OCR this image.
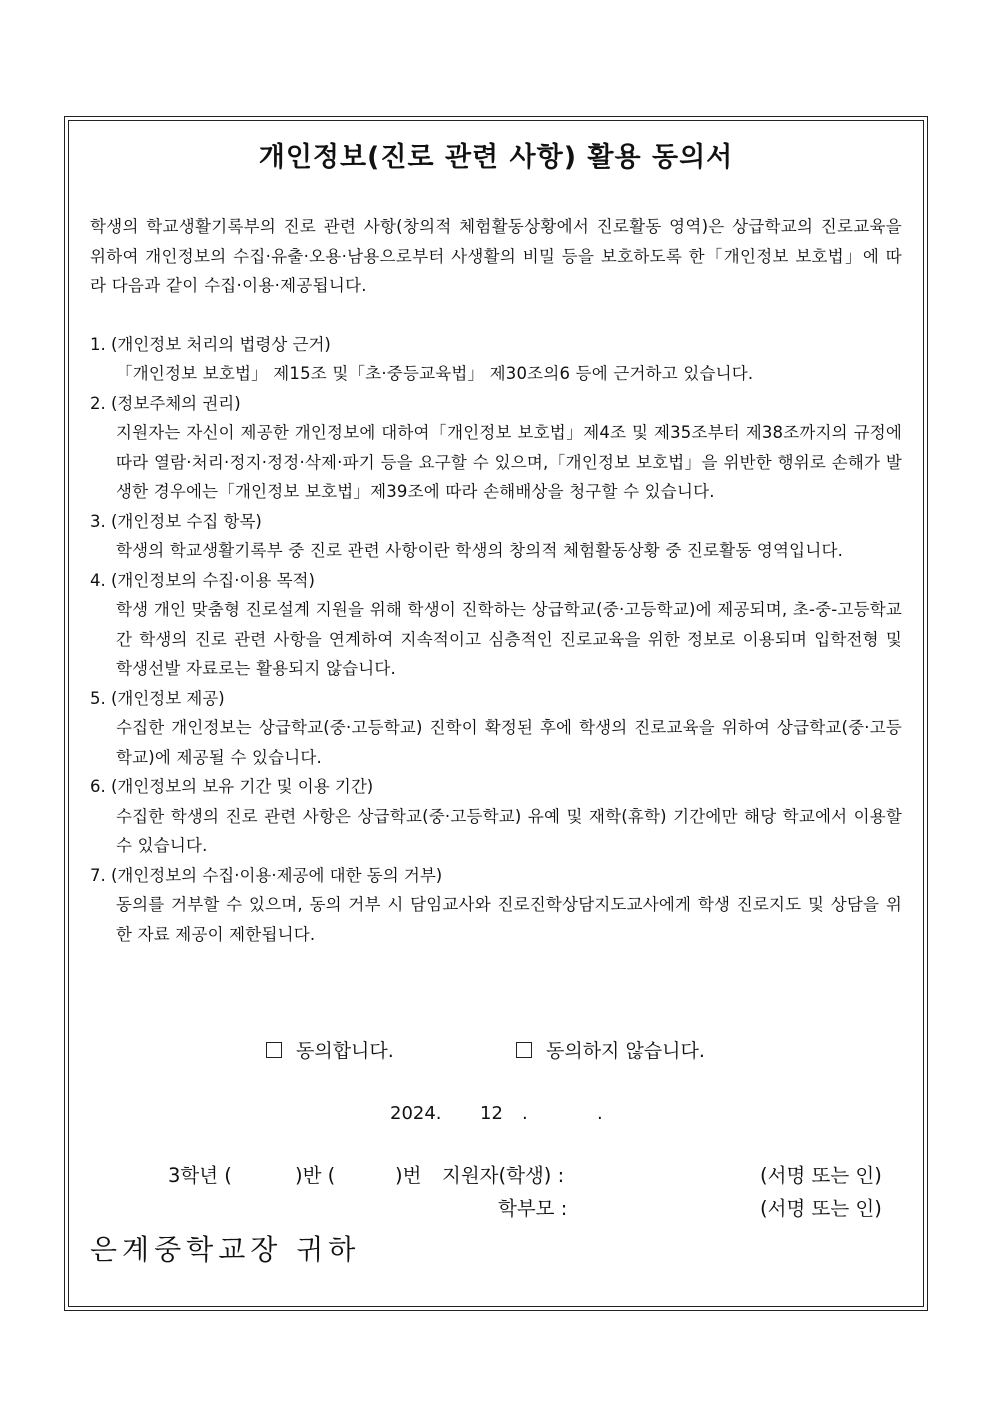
개인정보(진로 관련 사항) 활용 동의서
학생의 학교생활기록부의 진로 관련 사항(창의적 체험활동상황에서 진로활동 영역)은 상급학교의 진로교육을 위하여 개인정보의 수집·유출·오용·남용으로부터 사생활의 비밀 등을 보호하도록 한「개인정보 보호법」에 따라 다음과 같이 수집·이용·제공됩니다.

1. (개인정보 처리의 법령상 근거)

「개인정보 보호법」 제15조 및「초·중등교육법」 제30조의6 등에 근거하고 있습니다.

2. (정보주체의 권리)

지원자는 자신이 제공한 개인정보에 대하여「개인정보 보호법」제4조 및 제35조부터 제38조까지의 규정에 따라 열람·처리·정지·정정·삭제·파기 등을 요구할 수 있으며,「개인정보 보호법」을 위반한 행위로 손해가 발생한 경우에는「개인정보 보호법」제39조에 따라 손해배상을 청구할 수 있습니다.

3. (개인정보 수집 항목)

학생의 학교생활기록부 중 진로 관련 사항이란 학생의 창의적 체험활동상황 중 진로활동 영역입니다.

4. (개인정보의 수집·이용 목적)

학생 개인 맞춤형 진로설계 지원을 위해 학생이 진학하는 상급학교(중·고등학교)에 제공되며, 초-중-고등학교 간 학생의 진로 관련 사항을 연계하여 지속적이고 심층적인 진로교육을 위한 정보로 이용되며 입학전형 및 학생선발 자료로는 활용되지 않습니다.

5. (개인정보 제공)

수집한 개인정보는 상급학교(중·고등학교) 진학이 확정된 후에 학생의 진로교육을 위하여 상급학교(중·고등학교)에 제공될 수 있습니다.

6. (개인정보의 보유 기간 및 이용 기간)

수집한 학생의 진로 관련 사항은 상급학교(중·고등학교) 유예 및 재학(휴학) 기간에만 해당 학교에서 이용할 수 있습니다.

7. (개인정보의 수집·이용·제공에 대한 동의 거부)

동의를 거부할 수 있으며, 동의 거부 시 담임교사와 진로진학상담지도교사에게 학생 진로지도 및 상담을 위한 자료 제공이 제한됩니다.

동의합니다.	동의하지 않습니다.
2024. 12 .	.
3학년 (	)반 (	)번 지원자(학생) :	(서명 또는 인)
학부모 :	(서명 또는 인)
은계중학교장 귀하
